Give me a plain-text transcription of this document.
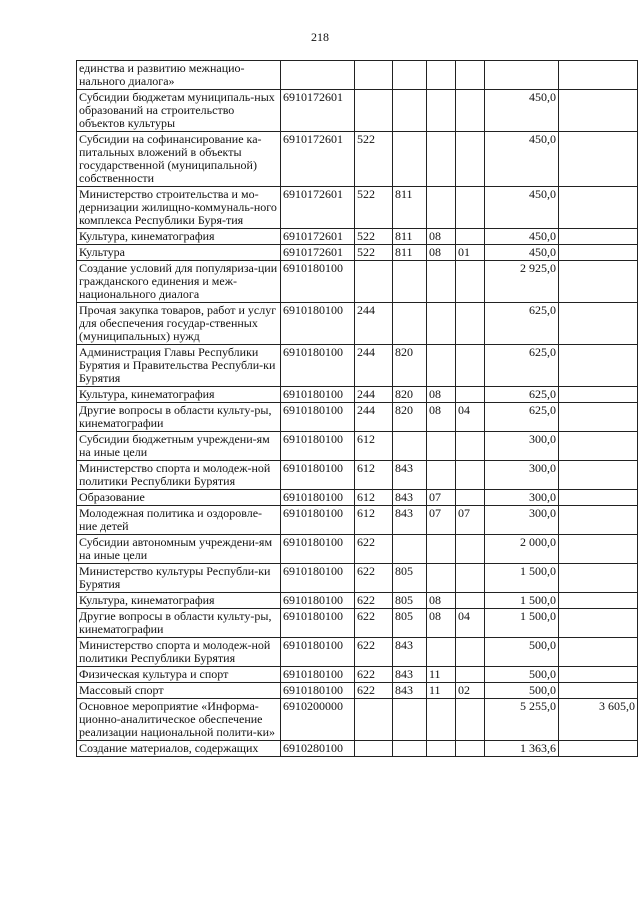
218
единства и развитию межнацио-нального диалога»							
Субсидии бюджетам муниципаль-ных образований на строительство объектов культуры	6910172601					450,0	
Субсидии на софинансирование ка-питальных вложений в объекты государственной (муниципальной) собственности	6910172601	522				450,0	
Министерство строительства и мо-дернизации жилищно-коммуналь-ного комплекса Республики Буря-тия	6910172601	522	811			450,0	
Культура, кинематография	6910172601	522	811	08		450,0	
Культура	6910172601	522	811	08	01	450,0	
Создание условий для популяриза-ции гражданского единения и меж-национального диалога	6910180100					2 925,0	
Прочая закупка товаров, работ и услуг для обеспечения государ-ственных (муниципальных) нужд	6910180100	244				625,0	
Администрация Главы Республики Бурятия и Правительства Республи-ки Бурятия	6910180100	244	820			625,0	
Культура, кинематография	6910180100	244	820	08		625,0	
Другие вопросы в области культу-ры, кинематографии	6910180100	244	820	08	04	625,0	
Субсидии бюджетным учреждени-ям на иные цели	6910180100	612				300,0	
Министерство спорта и молодеж-ной политики Республики Бурятия	6910180100	612	843			300,0	
Образование	6910180100	612	843	07		300,0	
Молодежная политика и оздоровле-ние детей	6910180100	612	843	07	07	300,0	
Субсидии автономным учреждени-ям на иные цели	6910180100	622				2 000,0	
Министерство культуры Республи-ки Бурятия	6910180100	622	805			1 500,0	
Культура, кинематография	6910180100	622	805	08		1 500,0	
Другие вопросы в области культу-ры, кинематографии	6910180100	622	805	08	04	1 500,0	
Министерство спорта и молодеж-ной политики Республики Бурятия	6910180100	622	843			500,0	
Физическая культура и спорт	6910180100	622	843	11		500,0	
Массовый спорт	6910180100	622	843	11	02	500,0	
Основное мероприятие «Информа-ционно-аналитическое обеспечение реализации национальной полити-ки»	6910200000					5 255,0	3 605,0
Создание материалов, содержащих	6910280100					1 363,6	
